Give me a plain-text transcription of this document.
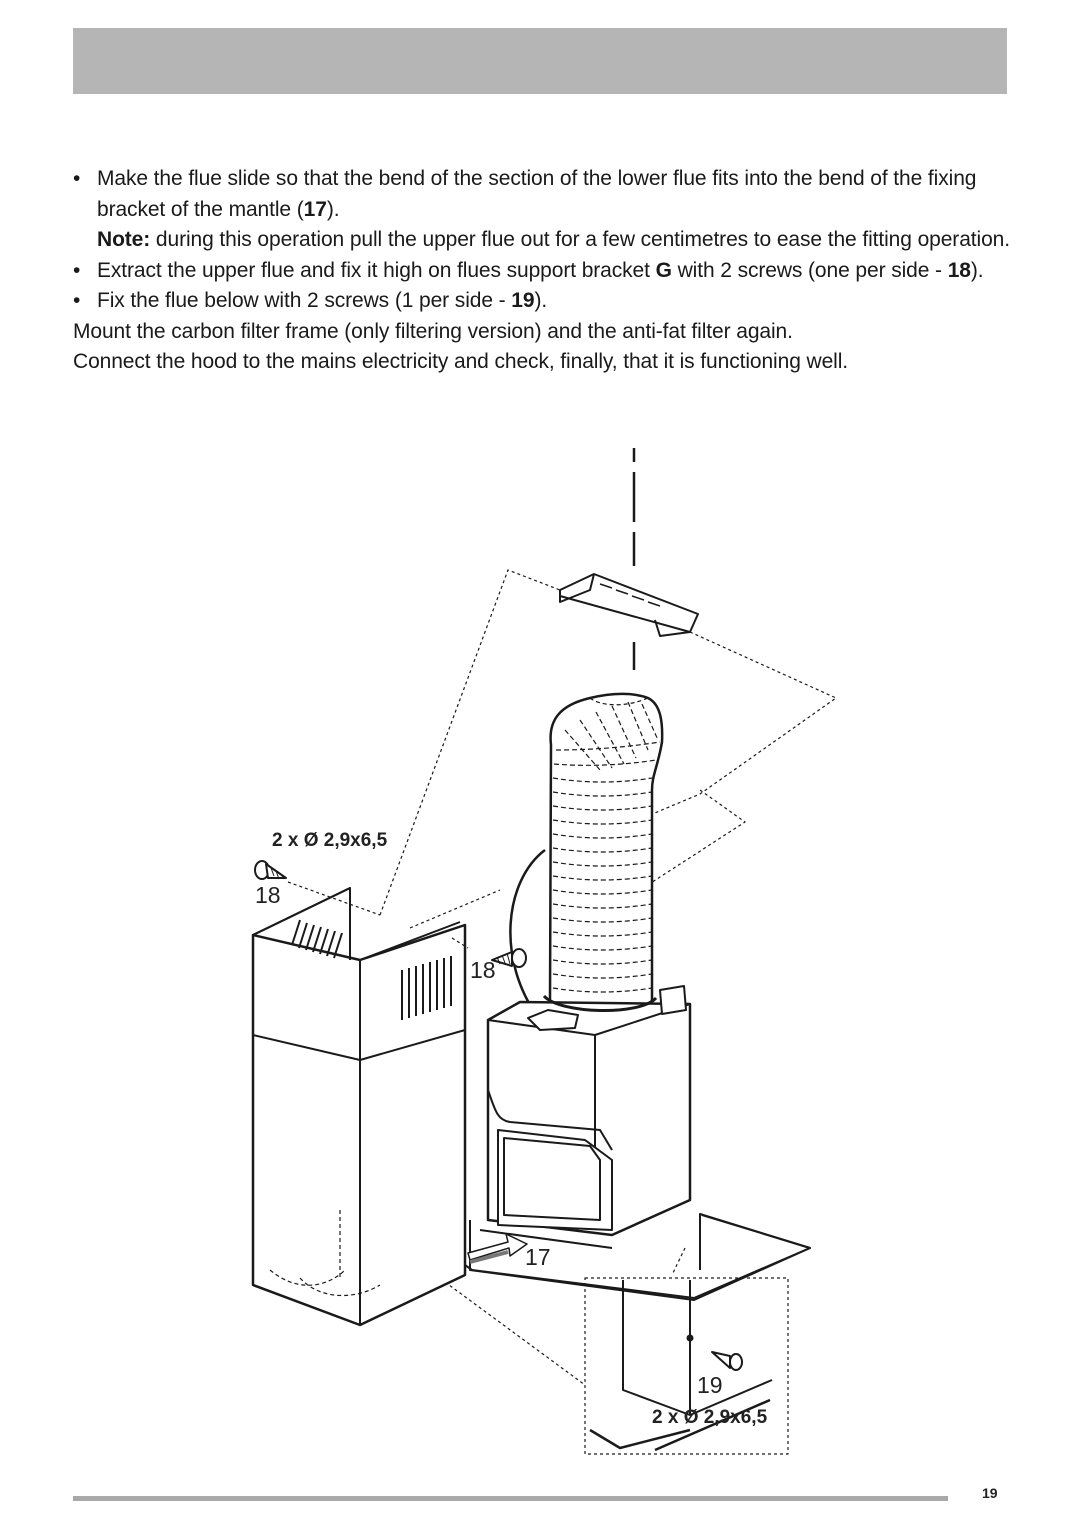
• Make the flue slide so that the bend of the section of the lower flue fits into the bend of the fixing bracket of the mantle (17).
Note: during this operation pull the upper flue out for a few centimetres to ease the fitting operation.
• Extract the upper flue and fix it high on flues support bracket G with 2 screws (one per side - 18).
• Fix the flue below with 2 screws (1 per side - 19).
Mount the carbon filter frame (only filtering version) and the anti-fat filter again.
Connect the hood to the mains electricity and check, finally, that it is functioning well.
2 x Ø 2,9x6,5
18
18
17
19
2 x Ø 2,9x6,5
19
